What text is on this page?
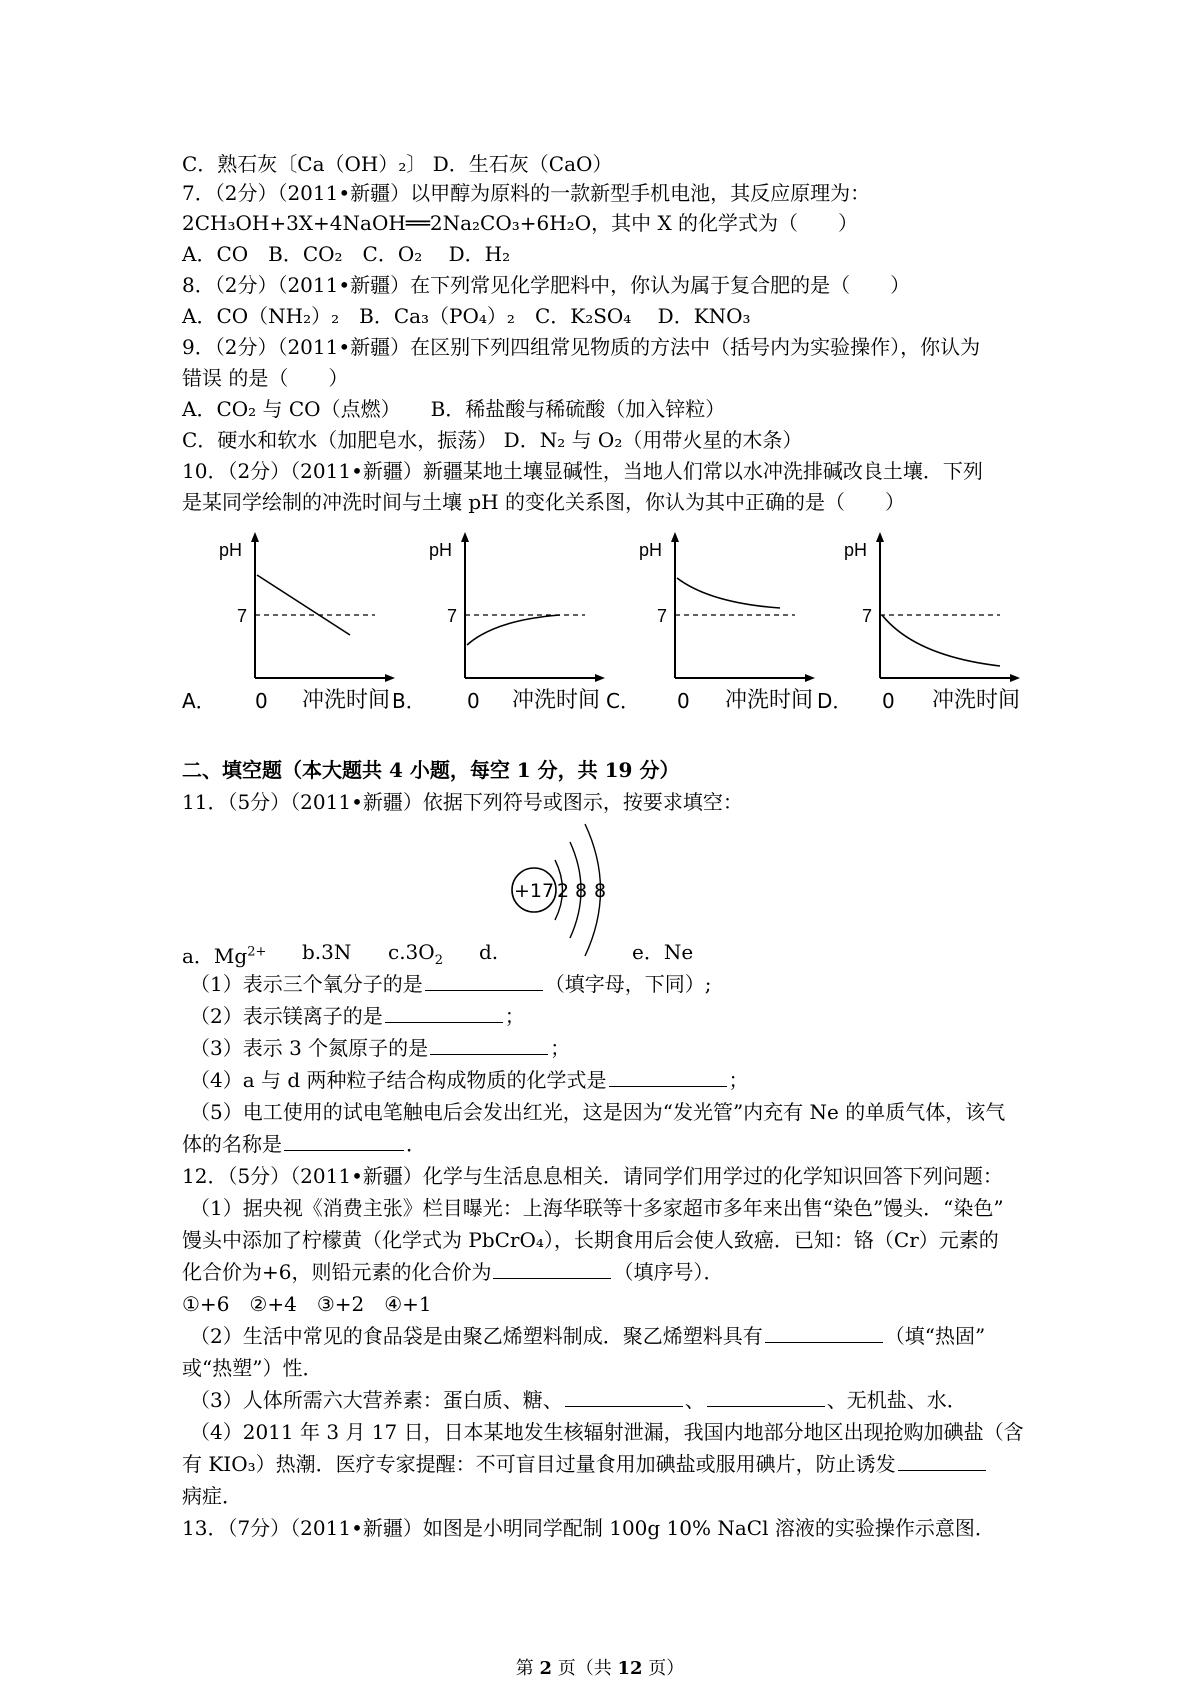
C．熟石灰〔Ca（OH）₂〕 D．生石灰（CaO）
7．（2分）（2011•新疆）以甲醇为原料的一款新型手机电池，其反应原理为：
2CH₃OH+3X+4NaOH══2Na₂CO₃+6H₂O，其中 X 的化学式为（　　）
A．CO　B．CO₂　C．O₂　 D．H₂
8．（2分）（2011•新疆）在下列常见化学肥料中，你认为属于复合肥的是（　　）
A．CO（NH₂）₂　B．Ca₃（PO₄）₂　C．K₂SO₄　 D．KNO₃
9．（2分）（2011•新疆）在区别下列四组常见物质的方法中（括号内为实验操作），你认为
错误 的是（　　）
A．CO₂ 与 CO（点燃）　　B．稀盐酸与稀硫酸（加入锌粒）
C．硬水和软水（加肥皂水，振荡） D．N₂ 与 O₂（用带火星的木条）
10．（2分）（2011•新疆）新疆某地土壤显碱性，当地人们常以水冲洗排碱改良土壤．下列
是某同学绘制的冲洗时间与土壤 pH 的变化关系图，你认为其中正确的是（　　）
pH
7
pH
7
pH
7
pH
7
A． 0 冲洗时间 B． 0 冲洗时间 C． 0 冲洗时间 D． 0 冲洗时间
二、填空题（本大题共 4 小题，每空 1 分，共 19 分）
11．（5分）（2011•新疆）依据下列符号或图示，按要求填空：
+17 2 8 8
a．$Mg^{2+}$ b.3N $c.3O_2$ d.	e．Ne
（1）表示三个氧分子的是	（填字母，下同）;
（2）表示镁离子的是	；
（3）表示 3 个氮原子的是	；
（4）a 与 d 两种粒子结合构成物质的化学式是	；
（5）电工使用的试电笔触电后会发出红光，这是因为“发光管”内充有 Ne 的单质气体，该气
体的名称是	．
12．（5分）（2011•新疆）化学与生活息息相关．请同学们用学过的化学知识回答下列问题：
（1）据央视《消费主张》栏目曝光：上海华联等十多家超市多年来出售“染色”馒头．“染色”
馒头中添加了柠檬黄（化学式为 PbCrO₄），长期食用后会使人致癌．已知：铬（Cr）元素的
化合价为+6，则铅元素的化合价为	（填序号）．
①+6　②+4　③+2　④+1
（2）生活中常见的食品袋是由聚乙烯塑料制成．聚乙烯塑料具有	（填“热固”
或“热塑”）性．
（3）人体所需六大营养素：蛋白质、糖、	、	、无机盐、水．
（4）2011 年 3 月 17 日，日本某地发生核辐射泄漏，我国内地部分地区出现抢购加碘盐（含
有 KIO₃）热潮．医疗专家提醒：不可盲目过量食用加碘盐或服用碘片，防止诱发
病症．
13．（7分）（2011•新疆）如图是小明同学配制 100g 10% NaCl 溶液的实验操作示意图．
第 2 页（共 12 页）
